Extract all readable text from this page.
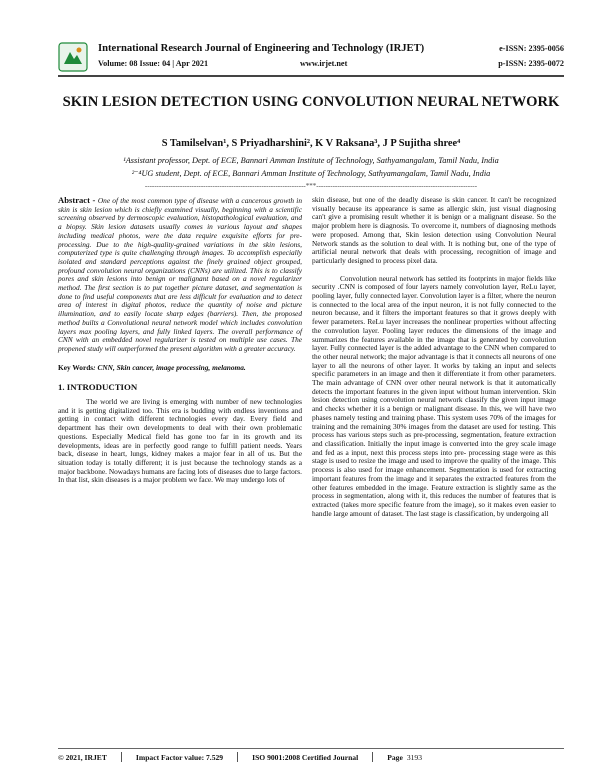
International Research Journal of Engineering and Technology (IRJET)
Volume: 08 Issue: 04 | Apr 2021	www.irjet.net
e-ISSN: 2395-0056
p-ISSN: 2395-0072
SKIN LESION DETECTION USING CONVOLUTION NEURAL NETWORK
S Tamilselvan¹, S Priyadharshini², K V Raksana³, J P Sujitha shree⁴
¹Assistant professor, Dept. of ECE, Bannari Amman Institute of Technology, Sathyamangalam, Tamil Nadu, India
²⁻⁴UG student, Dept. of ECE, Bannari Amman Institute of Technology, Sathyamangalam, Tamil Nadu, India
---------------------------------------------------------------------***---------------------------------------------------------------------

Abstract - One of the most common type of disease with a cancerous growth in skin is skin lesion which is chiefly examined visually, beginning with a scientific screening observed by dermoscopic evaluation, histopathological evaluation, and a biopsy. Skin lesion datasets usually comes in various layout and shapes including medical photos, were the data require exquisite efforts for pre-processing. Due to the high-quality-grained variations in the skin lesions, computerized type is quite challenging through images. To accomplish especially isolated and standard perceptions against the finely grained object grouped, profound convolution neural organizations (CNNs) are utilized. This is to classify pores and skin lesions into benign or malignant based on a novel regularizer method. The first section is to put together picture dataset, and segmentation is done to find useful components that are less difficult for evaluation and to detect area of interest in digital photos, reduce the quantity of noise and picture illumination, and to easily locate sharp edges (barriers). Then, the proposed method builts a Convolutional neural network model which includes convolution layers max pooling layers, and fully linked layers. The overall performance of CNN with an embedded novel regularizer is tested on multiple use cases. The propened study will outperformed the present algorithm with a greater accuracy.

Key Words: CNN, Skin cancer, image processing, melanoma.

1. INTRODUCTION

The world we are living is emerging with number of new technologies and it is getting digitalized too. This era is budding with endless inventions and getting in contact with different technologies every day. Every field and department has their own developments to deal with their own problematic questions. Especially Medical field has gone too far in its growth and its developments, ideas are in perfectly good range to fulfill patient needs. Years back, disease in heart, lungs, kidney makes a major fear in all of us. But the situation today is totally different; it is just because the technology stands as a major backbone. Nowadays humans are facing lots of diseases due to large factors. In that list, skin diseases is a major problem we face. We may undergo lots of

skin disease, but one of the deadly disease is skin cancer. It can't be recognized visually because its appearance is same as allergic skin, just visual diagnosing can't give a promising result whether it is benign or a malignant disease. So the major problem here is diagnosis. To overcome it, numbers of diagnosing methods were proposed. Among that, Skin lesion detection using Convolution Neural Network stands as the solution to deal with. It is nothing but, one of the type of artificial neural network that deals with processing, recognition of image and particularly designed to process pixel data.

Convolution neural network has settled its footprints in major fields like security .CNN is composed of four layers namely convolution layer, ReLu layer, pooling layer, fully connected layer. Convolution layer is a filter, where the neuron is connected to the local area of the input neuron, it is not fully connected to the neuron because, and it filters the important features so that it grows deeply with fewer parameters. ReLu layer increases the nonlinear properties without affecting the convolution layer. Pooling layer reduces the dimensions of the image and summarizes the features available in the image that is generated by convolution layer. Fully connected layer is the added advantage to the CNN when compared to the other neural network; the major advantage is that it connects all neurons of one layer to all the neurons of other layer. It works by taking an input and selects specific parameters in an image and then it differentiate it from other parameters. The main advantage of CNN over other neural network is that it automatically detects the important features in the given input without human intervention. Skin lesion detection using convolution neural network classify the given input image and checks whether it is a benign or malignant disease. In this, we will have two phases namely testing and training phase. This system uses 70% of the images for training and the remaining 30% images from the dataset are used for testing. This process has various steps such as pre-processing, segmentation, feature extraction and classification. Initially the input image is converted into the grey scale image and fed as a input, next this process steps into pre- processing stage were as this stage is used to resize the image and used to improve the quality of the image. This process is also used for image enhancement. Segmentation is used for extracting important features from the image and it separates the extracted features from the other features embedded in the image. Feature extraction is slightly same as the process in segmentation, along with it, this reduces the number of features that is extracted (takes more specific feature from the image), so it makes even easier to handle large amount of dataset. The last stage is classification, by undergoing all

© 2021, IRJET	Impact Factor value: 7.529	ISO 9001:2008 Certified Journal	Page 3193
